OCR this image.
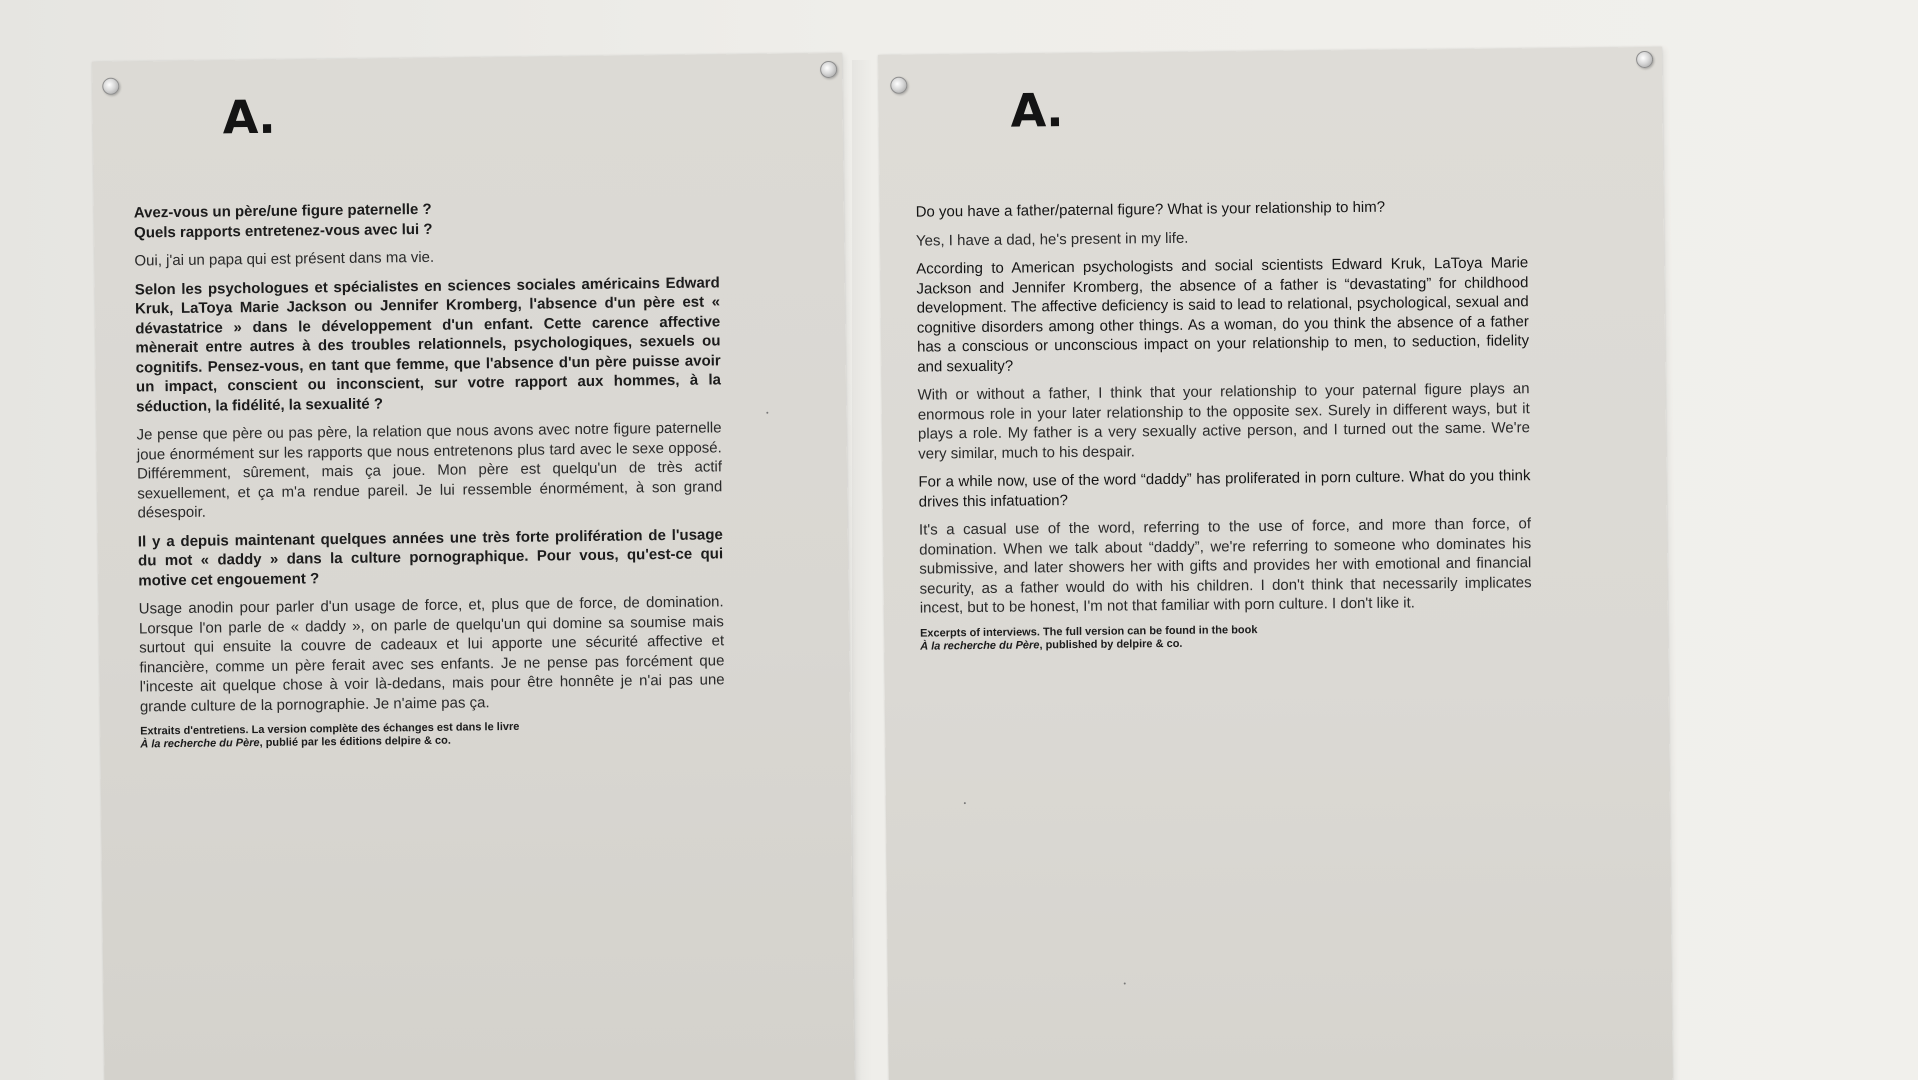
A.

Avez-vous un père/une figure paternelle ?
Quels rapports entretenez-vous avec lui ?

Oui, j'ai un papa qui est présent dans ma vie.

Selon les psychologues et spécialistes en sciences sociales américains Edward Kruk, LaToya Marie Jackson ou Jennifer Kromberg, l'absence d'un père est « dévastatrice » dans le développement d'un enfant. Cette carence affective mènerait entre autres à des troubles relationnels, psychologiques, sexuels ou cognitifs. Pensez-vous, en tant que femme, que l'absence d'un père puisse avoir un impact, conscient ou inconscient, sur votre rapport aux hommes, à la séduction, la fidélité, la sexualité ?

Je pense que père ou pas père, la relation que nous avons avec notre figure paternelle joue énormément sur les rapports que nous entretenons plus tard avec le sexe opposé. Différemment, sûrement, mais ça joue. Mon père est quelqu'un de très actif sexuellement, et ça m'a rendue pareil. Je lui ressemble énormément, à son grand désespoir.

Il y a depuis maintenant quelques années une très forte prolifération de l'usage du mot « daddy » dans la culture pornographique. Pour vous, qu'est-ce qui motive cet engouement ?

Usage anodin pour parler d'un usage de force, et, plus que de force, de domination. Lorsque l'on parle de « daddy », on parle de quelqu'un qui domine sa soumise mais surtout qui ensuite la couvre de cadeaux et lui apporte une sécurité affective et financière, comme un père ferait avec ses enfants. Je ne pense pas forcément que l'inceste ait quelque chose à voir là-dedans, mais pour être honnête je n'ai pas une grande culture de la pornographie. Je n'aime pas ça.

Extraits d'entretiens. La version complète des échanges est dans le livre
À la recherche du Père, publié par les éditions delpire & co.
A.

Do you have a father/paternal figure? What is your relationship to him?

Yes, I have a dad, he's present in my life.

According to American psychologists and social scientists Edward Kruk, LaToya Marie Jackson and Jennifer Kromberg, the absence of a father is “devastating” for childhood development. The affective deficiency is said to lead to relational, psychological, sexual and cognitive disorders among other things. As a woman, do you think the absence of a father has a conscious or unconscious impact on your relationship to men, to seduction, fidelity and sexuality?

With or without a father, I think that your relationship to your paternal figure plays an enormous role in your later relationship to the opposite sex. Surely in different ways, but it plays a role. My father is a very sexually active person, and I turned out the same. We're very similar, much to his despair.

For a while now, use of the word “daddy” has proliferated in porn culture. What do you think drives this infatuation?

It's a casual use of the word, referring to the use of force, and more than force, of domination. When we talk about “daddy”, we're referring to someone who dominates his submissive, and later showers her with gifts and provides her with emotional and financial security, as a father would do with his children. I don't think that necessarily implicates incest, but to be honest, I'm not that familiar with porn culture. I don't like it.

Excerpts of interviews. The full version can be found in the book
À la recherche du Père, published by delpire & co.
